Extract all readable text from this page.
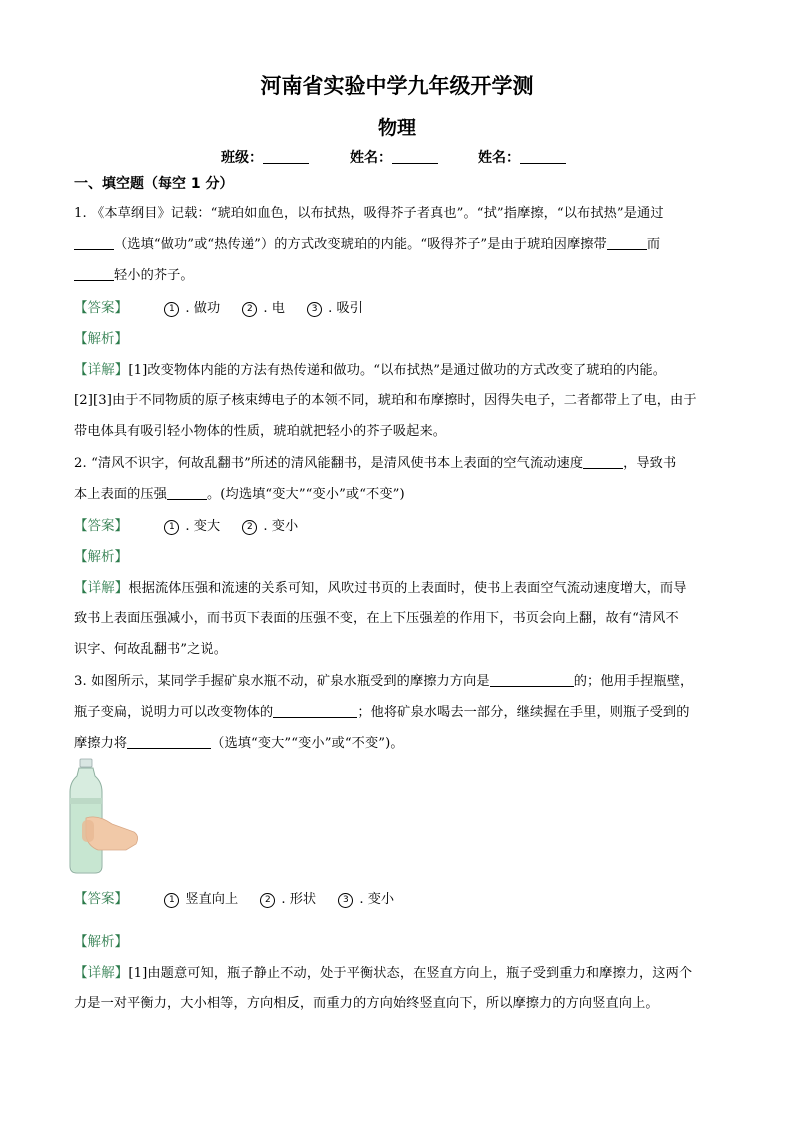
河南省实验中学九年级开学测
物理
班级：	姓名：	姓名：
一、填空题（每空 1 分）
1. 《本草纲目》记载：“琥珀如血色，以布拭热，吸得芥子者真也”。“拭”指摩擦，“以布拭热”是通过
（选填“做功”或“热传递”）的方式改变琥珀的内能。“吸得芥子”是由于琥珀因摩擦带	而
轻小的芥子。
【答案】	1 . 做功	2 . 电	3 . 吸引
【解析】
【详解】[1]改变物体内能的方法有热传递和做功。“以布拭热”是通过做功的方式改变了琥珀的内能。
[2][3]由于不同物质的原子核束缚电子的本领不同，琥珀和布摩擦时，因得失电子，二者都带上了电，由于
带电体具有吸引轻小物体的性质，琥珀就把轻小的芥子吸起来。
2. “清风不识字，何故乱翻书”所述的清风能翻书，是清风使书本上表面的空气流动速度	，导致书
本上表面的压强	。(均选填“变大”“变小”或“不变”)
【答案】	1 . 变大	2 . 变小
【解析】
【详解】根据流体压强和流速的关系可知，风吹过书页的上表面时，使书上表面空气流动速度增大，而导
致书上表面压强减小，而书页下表面的压强不变，在上下压强差的作用下，书页会向上翻，故有“清风不
识字、何故乱翻书”之说。
3. 如图所示，某同学手握矿泉水瓶不动，矿泉水瓶受到的摩擦力方向是	的；他用手捏瓶壁，
瓶子变扁，说明力可以改变物体的	；他将矿泉水喝去一部分，继续握在手里，则瓶子受到的
摩擦力将	（选填“变大”“变小”或“不变”)。
【答案】	1 竖直向上	2 . 形状	3 . 变小
【解析】
【详解】[1]由题意可知，瓶子静止不动，处于平衡状态，在竖直方向上，瓶子受到重力和摩擦力，这两个
力是一对平衡力，大小相等，方向相反，而重力的方向始终竖直向下，所以摩擦力的方向竖直向上。
